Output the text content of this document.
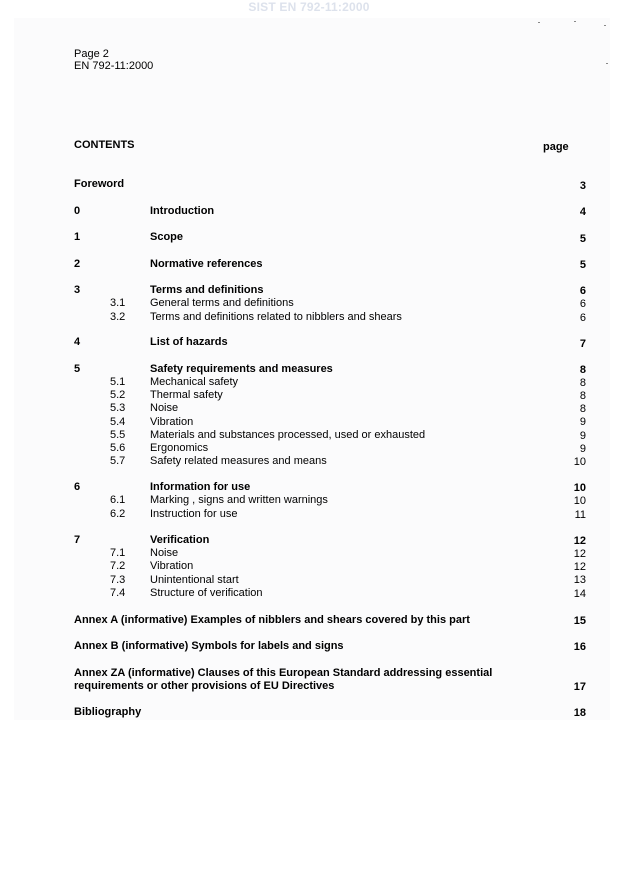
SIST EN 792-11:2000
Page 2
EN 792-11:2000
CONTENTS	page
Foreword	3
0	Introduction	4
1	Scope	5
2	Normative references	5
3	Terms and definitions	6
3.1 General terms and definitions	6
3.2 Terms and definitions related to nibblers and shears	6
4	List of hazards	7
5	Safety requirements and measures	8
5.1 Mechanical safety	8
5.2 Thermal safety	8
5.3 Noise	8
5.4 Vibration	9
5.5 Materials and substances processed, used or exhausted	9
5.6 Ergonomics	9
5.7 Safety related measures and means	10
6	Information for use	10
6.1 Marking , signs and written warnings	10
6.2 Instruction for use	11
7	Verification	12
7.1 Noise	12
7.2 Vibration	12
7.3 Unintentional start	13
7.4 Structure of verification	14
Annex A (informative) Examples of nibblers and shears covered by this part	15
Annex B (informative) Symbols for labels and signs	16
Annex ZA (informative) Clauses of this European Standard addressing essential
requirements or other provisions of EU Directives	17
Bibliography	18
